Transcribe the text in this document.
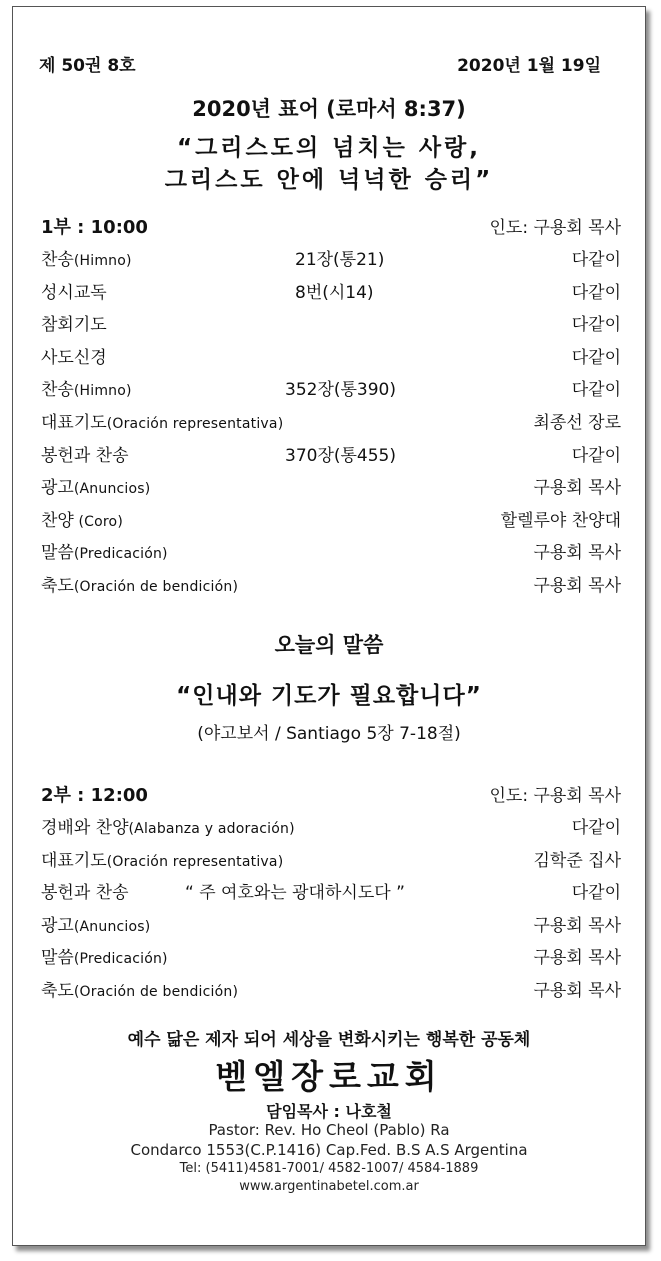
제 50권 8호	2020년 1월 19일
2020년 표어 (로마서 8:37)
“그리스도의 넘치는 사랑,
그리스도 안에 넉넉한 승리”
1부 : 10:00	인도: 구용회 목사
찬송(Himno)	21장(통21)	다같이
성시교독	8번(시14)	다같이
참회기도	다같이
사도신경	다같이
찬송(Himno)	352장(통390)	다같이
대표기도(Oración representativa)	최종선 장로
봉헌과 찬송	370장(통455)	다같이
광고(Anuncios)	구용회 목사
찬양 (Coro)	할렐루야 찬양대
말씀(Predicación)	구용회 목사
축도(Oración de bendición)	구용회 목사
오늘의 말씀
“인내와 기도가 필요합니다”
(야고보서 / Santiago 5장 7-18절)
2부 : 12:00	인도: 구용회 목사
경배와 찬양(Alabanza y adoración)	다같이
대표기도(Oración representativa)	김학준 집사
봉헌과 찬송	“ 주 여호와는 광대하시도다 ”	다같이
광고(Anuncios)	구용회 목사
말씀(Predicación)	구용회 목사
축도(Oración de bendición)	구용회 목사
예수 닮은 제자 되어 세상을 변화시키는 행복한 공동체
벧엘장로교회
담임목사 : 나호철
Pastor: Rev. Ho Cheol (Pablo) Ra
Condarco 1553(C.P.1416) Cap.Fed. B.S A.S Argentina
Tel: (5411)4581-7001/ 4582-1007/ 4584-1889
www.argentinabetel.com.ar
